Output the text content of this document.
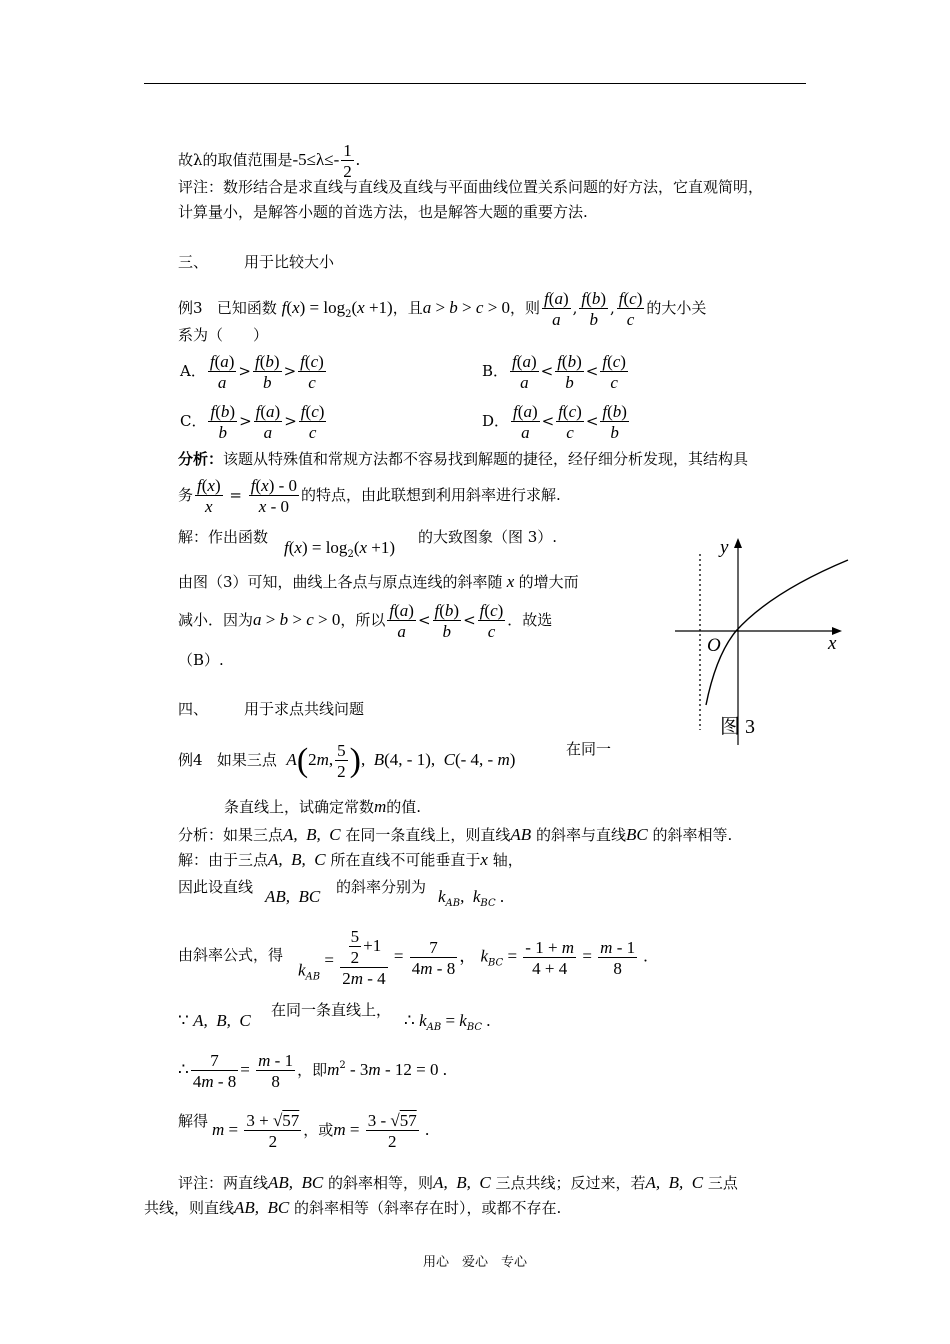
故λ的取值范围是$-5\le\lambda\le- \frac{1}{2}$ .
评注：数形结合是求直线与直线及直线与平面曲线位置关系问题的好方法，它直观简明，
计算量小，是解答小题的首选方法，也是解答大题的重要方法.
三、 用于比较大小
例3 已知函数 $f(x) = \log_2(x +1)$，且a > b > c > 0，则 $\frac{f(a)}{a}$ , $\frac{f(b)}{b}$ , $\frac{f(c)}{c}$ 的大小关
系为（　　）
A． $\frac{f(a)}{a} > \frac{f(b)}{b} > \frac{f(c)}{c}$	B． $\frac{f(a)}{a} < \frac{f(b)}{b} < \frac{f(c)}{c}$
C． $\frac{f(b)}{b} > \frac{f(a)}{a} > \frac{f(c)}{c}$	D． $\frac{f(a)}{a} < \frac{f(c)}{c} < \frac{f(b)}{b}$
分析：该题从特殊值和常规方法都不容易找到解题的捷径，经仔细分析发现，其结构具
务 $\frac{f(x)}{x} = \frac{f(x) - 0}{x - 0}$ 的特点，由此联想到利用斜率进行求解.
解：作出函数
$f(x) = \log_2(x +1)$
的大致图象（图 3）.
由图（3）可知，曲线上各点与原点连线的斜率随 x 的增大而
减小．因为a > b > c > 0，所以 $\frac{f(a)}{a} < \frac{f(b)}{b} < \frac{f(c)}{c}$ ．故选
（B）.
y
x
O
图 3
四、 用于求点共线问题
例4 如果三点 A(2m, $\frac{5}{2}$ ),  B(4, - 1),  C(- 4, - m)
在同一
条直线上，试确定常数m的值.
分析：如果三点A,  B,  C 在同一条直线上，则直线AB 的斜率与直线BC 的斜率相等.
解：由于三点A,  B,  C 所在直线不可能垂直于x 轴，
因此设直线 AB,  BC 的斜率分别为 $k_{AB}$,  $k_{BC}$ .
由斜率公式，得
$k_{AB} = \frac{\frac{5}{2} +1}{2m - 4} = \frac{7}{4m - 8}$ ， $k_{BC} = \frac{- 1 + m}{4 + 4} = \frac{m - 1}{8}$ .
∵ A,  B,  C
在同一条直线上，
∴ $k_{AB} = k_{BC}$ .
∴ $\frac{7}{4m - 8} = \frac{m - 1}{8}$ ，即$m^2 - 3m - 12 = 0$ .
解得 $m = \frac{3 + √57}{2}$ ，或$m = \frac{3 - √57}{2}$ .
评注：两直线AB,  BC 的斜率相等，则A,  B,  C 三点共线；反过来，若A,  B,  C 三点
共线，则直线AB,  BC 的斜率相等（斜率存在时），或都不存在.
用心　爱心　专心
